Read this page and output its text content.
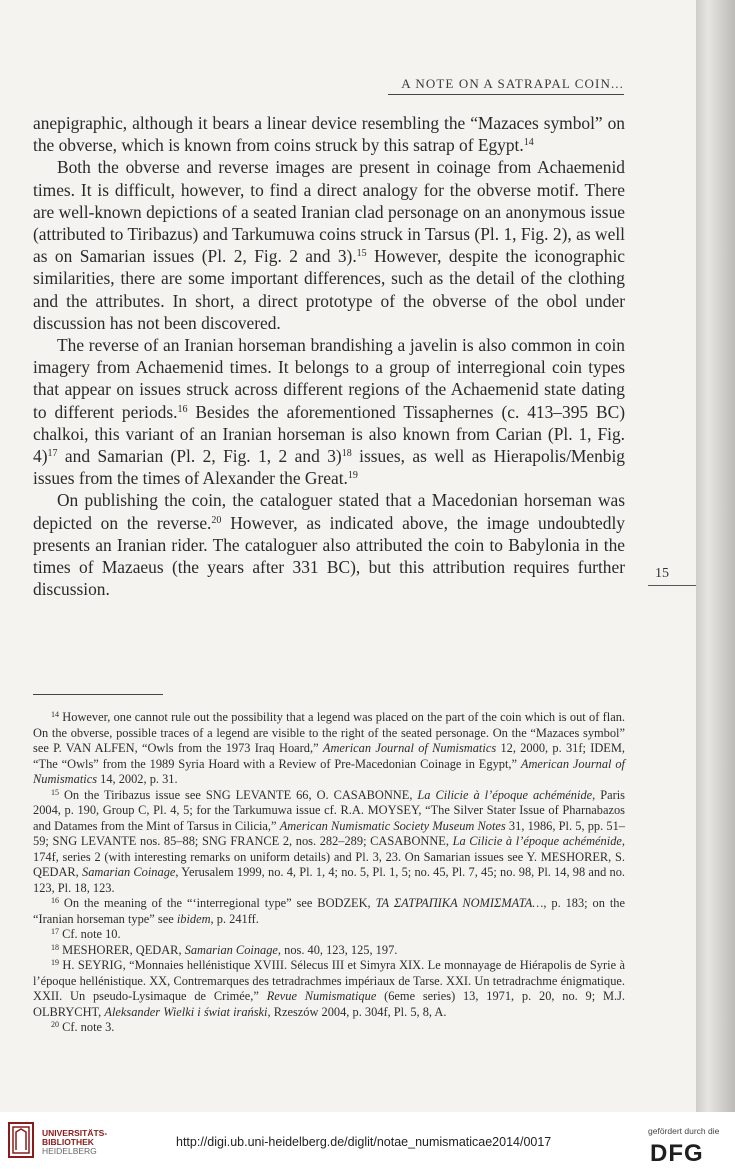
A NOTE ON A SATRAPAL COIN...

anepigraphic, although it bears a linear device resembling the “Mazaces symbol” on the obverse, which is known from coins struck by this satrap of Egypt.$^{14}$

Both the obverse and reverse images are present in coinage from Achaemenid times. It is difficult, however, to find a direct analogy for the obverse motif. There are well-known depictions of a seated Iranian clad personage on an anonymous issue (attributed to Tiribazus) and Tarkumuwa coins struck in Tarsus (Pl. 1, Fig. 2), as well as on Samarian issues (Pl. 2, Fig. 2 and 3).$^{15}$ However, despite the iconographic similarities, there are some important differences, such as the detail of the clothing and the attributes. In short, a direct prototype of the obverse of the obol under discussion has not been discovered.

The reverse of an Iranian horseman brandishing a javelin is also common in coin imagery from Achaemenid times. It belongs to a group of interregional coin types that appear on issues struck across different regions of the Achaemenid state dating to different periods.$^{16}$ Besides the aforementioned Tissaphernes (c. 413–395 BC) chalkoi, this variant of an Iranian horseman is also known from Carian (Pl. 1, Fig. 4)$^{17}$ and Samarian (Pl. 2, Fig. 1, 2 and 3)$^{18}$ issues, as well as Hierapolis/Menbig issues from the times of Alexander the Great.$^{19}$

On publishing the coin, the cataloguer stated that a Macedonian horseman was depicted on the reverse.$^{20}$ However, as indicated above, the image undoubtedly presents an Iranian rider. The cataloguer also attributed the coin to Babylonia in the times of Mazaeus (the years after 331 BC), but this attribution requires further discussion.

15
$^{14}$ However, one cannot rule out the possibility that a legend was placed on the part of the coin which is out of flan. On the obverse, possible traces of a legend are visible to the right of the seated personage. On the “Mazaces symbol” see P. VAN ALFEN, “Owls from the 1973 Iraq Hoard,” American Journal of Numismatics 12, 2000, p. 31f; IDEM, “The “Owls” from the 1989 Syria Hoard with a Review of Pre-Macedonian Coinage in Egypt,” American Journal of Numismatics 14, 2002, p. 31.
$^{15}$ On the Tiribazus issue see SNG LEVANTE 66, O. CASABONNE, La Cilicie à l’époque achéménide, Paris 2004, p. 190, Group C, Pl. 4, 5; for the Tarkumuwa issue cf. R.A. MOYSEY, “The Silver Stater Issue of Pharnabazos and Datames from the Mint of Tarsus in Cilicia,” American Numismatic Society Museum Notes 31, 1986, Pl. 5, pp. 51–59; SNG LEVANTE nos. 85–88; SNG FRANCE 2, nos. 282–289; CASABONNE, La Cilicie à l’époque achéménide, 174f, series 2 (with interesting remarks on uniform details) and Pl. 3, 23. On Samarian issues see Y. MESHORER, S. QEDAR, Samarian Coinage, Yerusalem 1999, no. 4, Pl. 1, 4; no. 5, Pl. 1, 5; no. 45, Pl. 7, 45; no. 98, Pl. 14, 98 and no. 123, Pl. 18, 123.
$^{16}$ On the meaning of the “‘interregional type” see BODZEK, ΤΑ ΣΑΤΡΑΠΙΚΑ ΝΟΜΙΣΜΑΤΑ…, p. 183; on the “Iranian horseman type” see ibidem, p. 241ff.
$^{17}$ Cf. note 10.
$^{18}$ MESHORER, QEDAR, Samarian Coinage, nos. 40, 123, 125, 197.
$^{19}$ H. SEYRIG, “Monnaies hellénistique XVIII. Sélecus III et Simyra XIX. Le monnayage de Hiérapolis de Syrie à l’époque hellénistique. XX, Contremarques des tetradrachmes impériaux de Tarse. XXI. Un tetradrachme énigmatique. XXII. Un pseudo-Lysimaque de Crimée,” Revue Numismatique (6eme series) 13, 1971, p. 20, no. 9; M.J. OLBRYCHT, Aleksander Wielki i świat irański, Rzeszów 2004, p. 304f, Pl. 5, 8, A.
$^{20}$ Cf. note 3.
UNIVERSITÄTS-
BIBLIOTHEK
HEIDELBERG
http://digi.ub.uni-heidelberg.de/diglit/notae_numismaticae2014/0017
gefördert durch die
DFG
